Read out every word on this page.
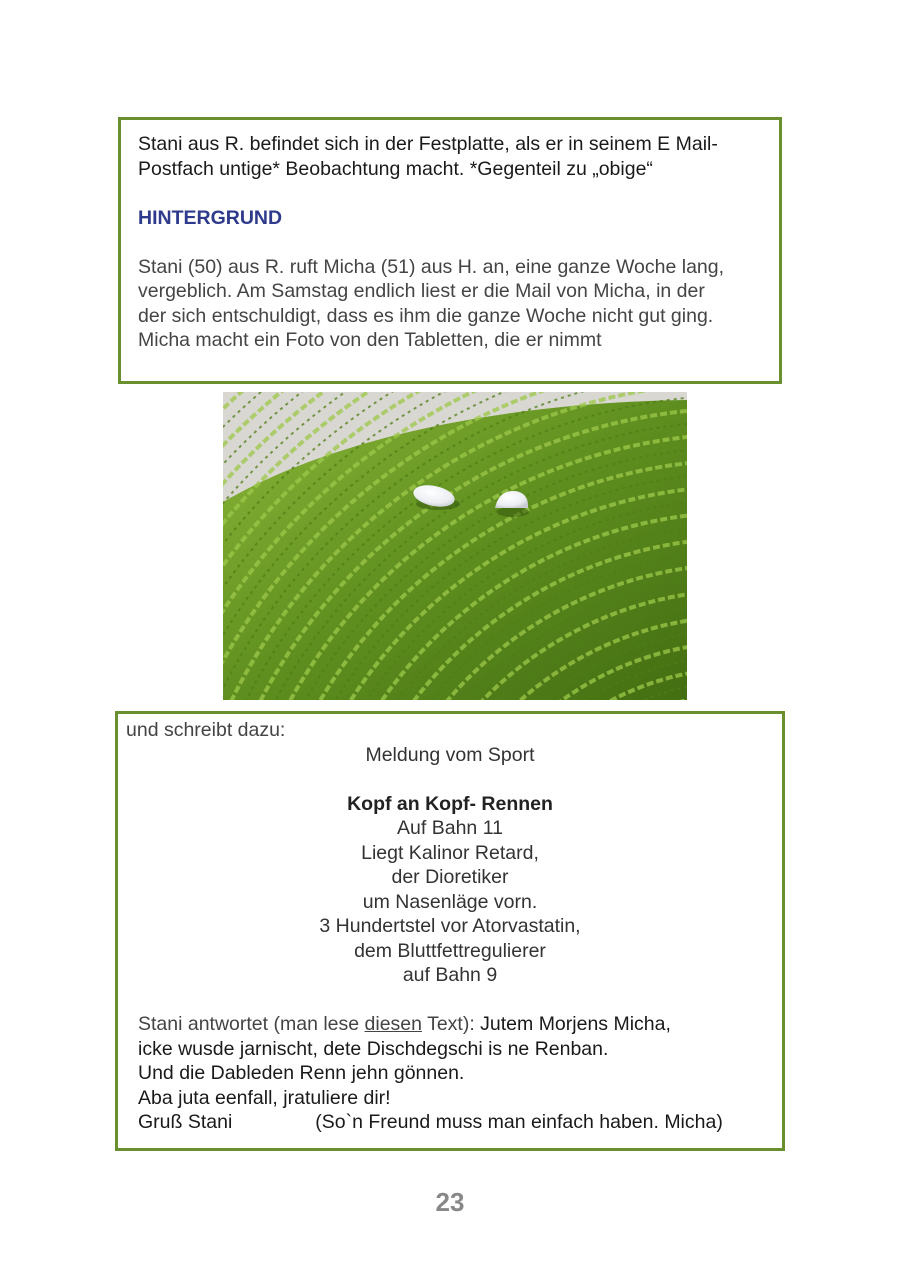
Stani aus R. befindet sich in der Festplatte, als er in seinem E Mail-
Postfach untige* Beobachtung macht. *Gegenteil zu „obige“
HINTERGRUND
Stani (50) aus R. ruft Micha (51) aus H. an, eine ganze Woche lang,
vergeblich. Am Samstag endlich liest er die Mail von Micha, in der
der sich entschuldigt, dass es ihm die ganze Woche nicht gut ging.
Micha macht ein Foto von den Tabletten, die er nimmt
und schreibt dazu:
Meldung vom Sport
Kopf an Kopf- Rennen
Auf Bahn 11
Liegt Kalinor Retard,
der Dioretiker
um Nasenläge vorn.
3 Hundertstel vor Atorvastatin,
dem Bluttfettregulierer
auf Bahn 9
Stani antwortet (man lese diesen Text): Jutem Morjens Micha,
icke wusde jarnischt, dete Dischdegschi is ne Renban.
Und die Dableden Renn jehn gönnen.
Aba juta eenfall, jratuliere dir!
Gruß Stani	(So`n Freund muss man einfach haben. Micha)
23
